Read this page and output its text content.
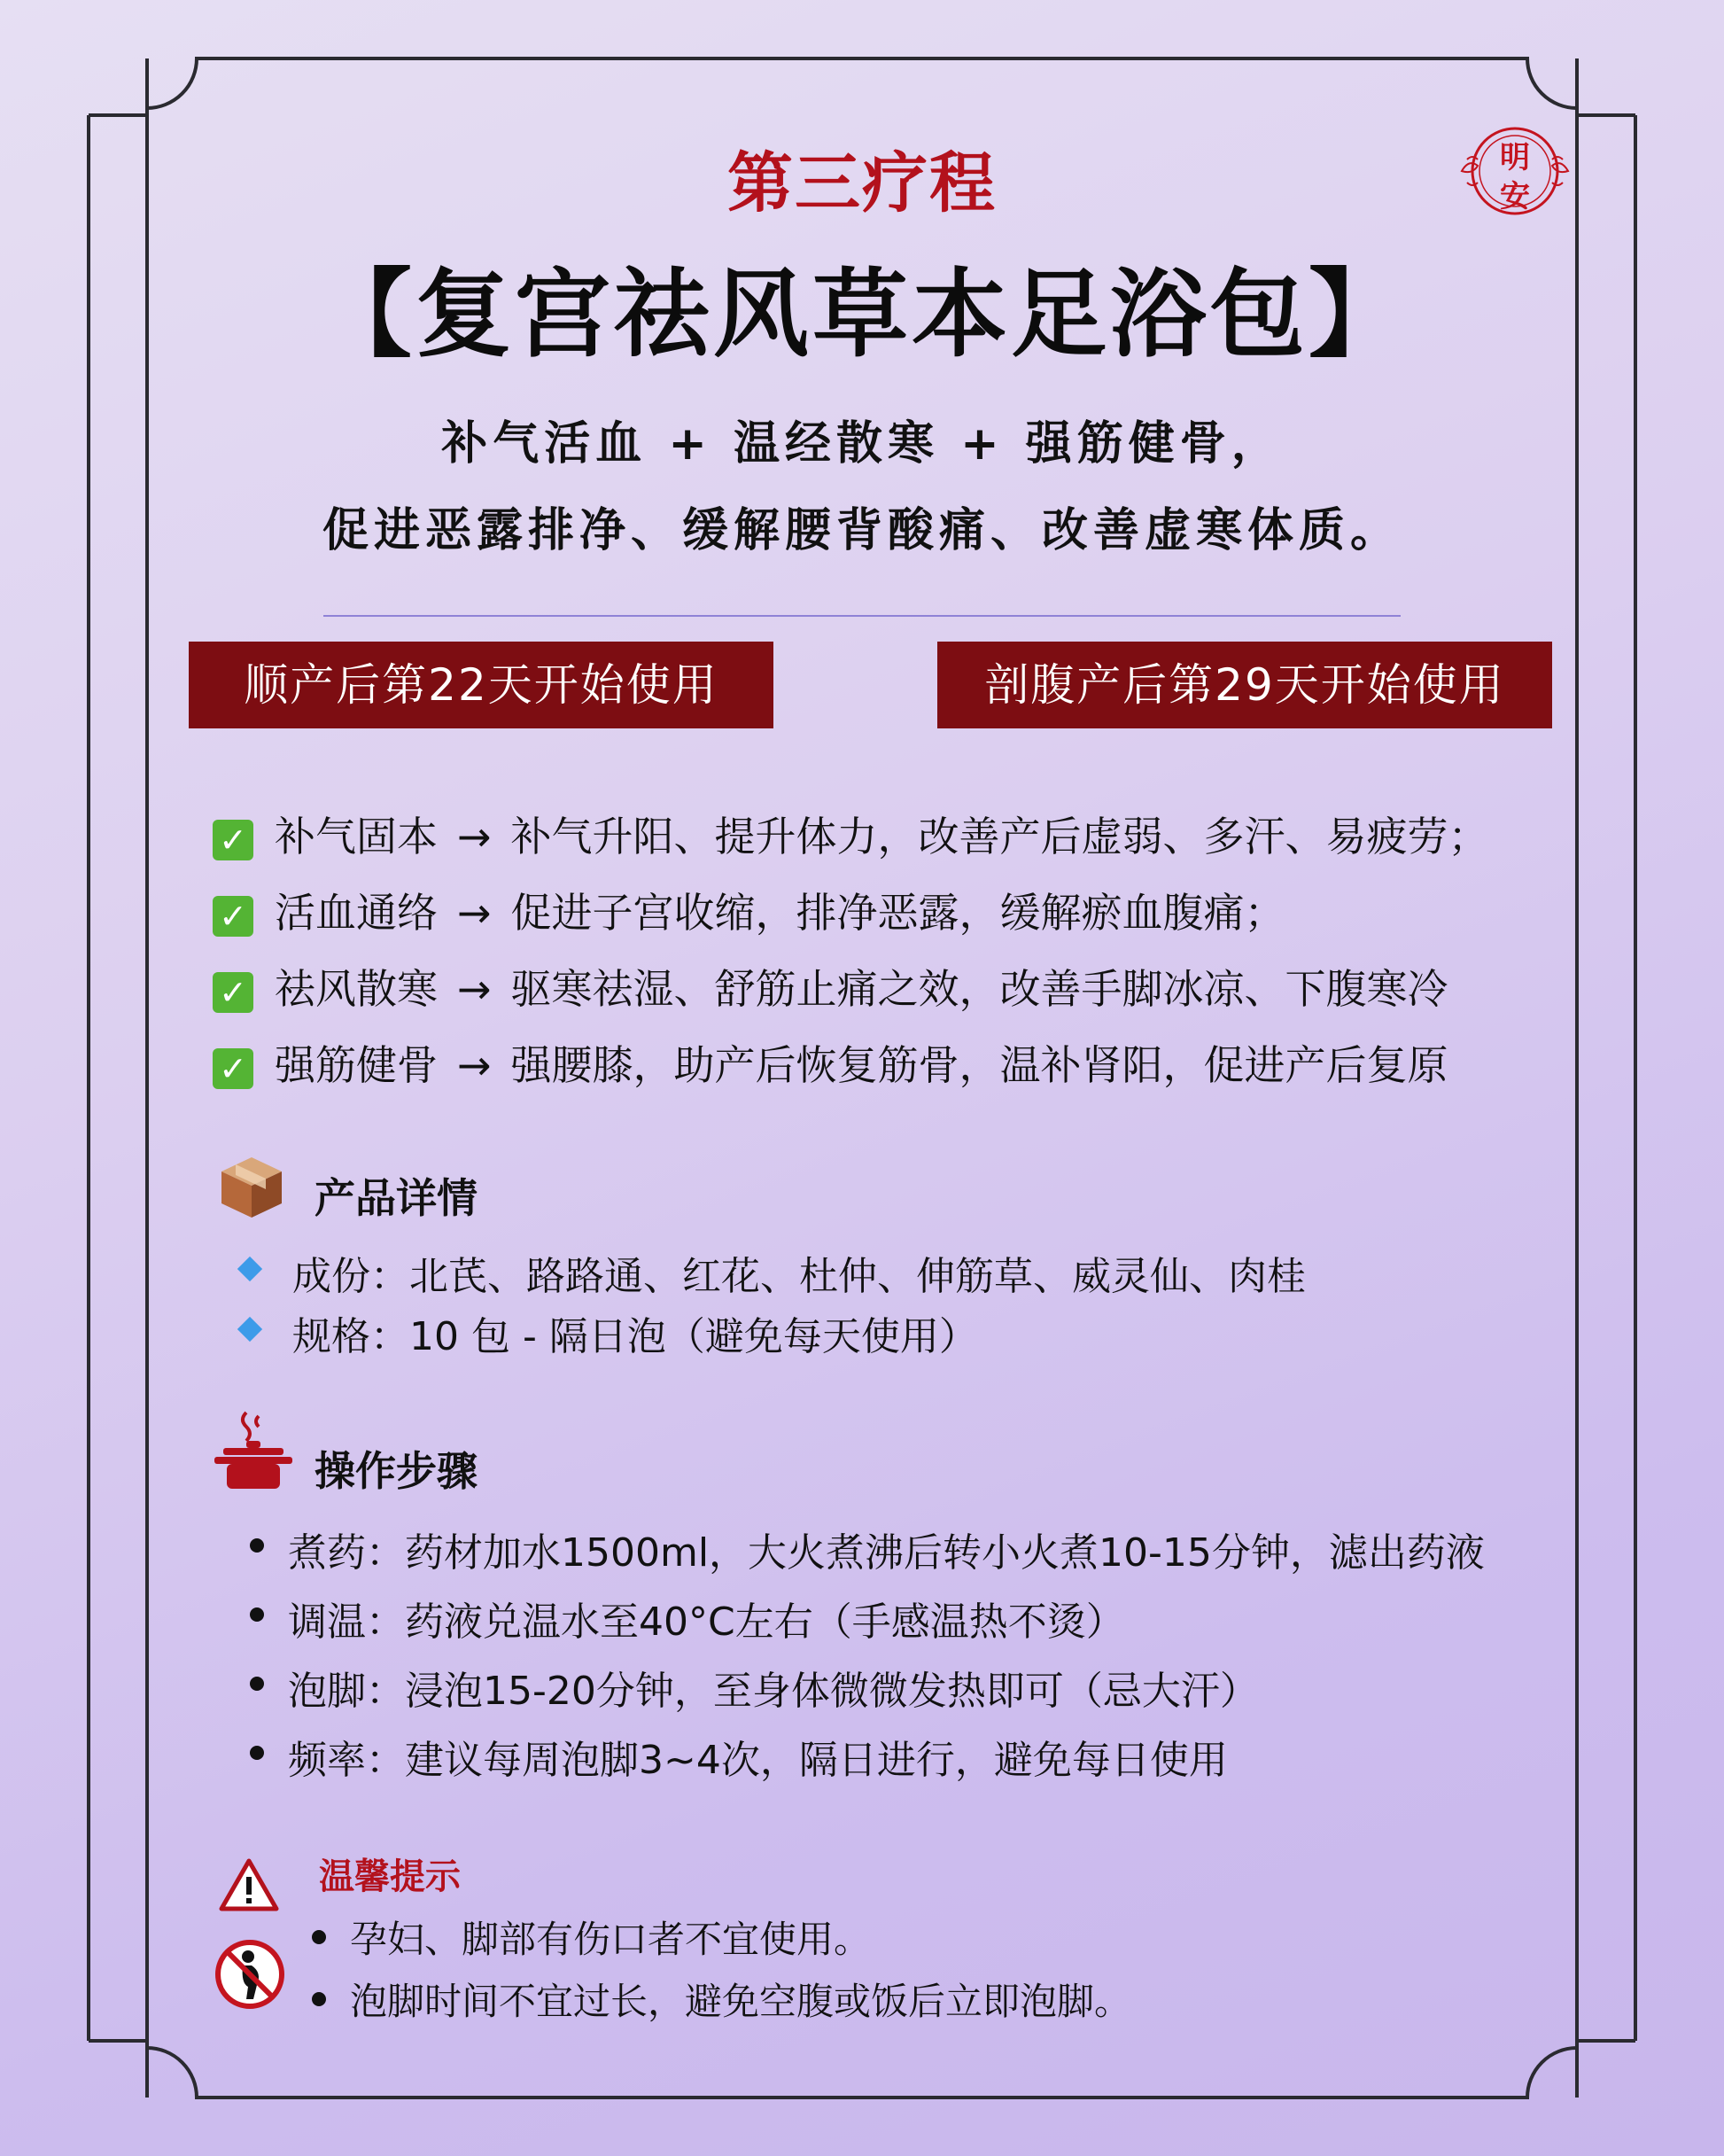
明
安
第三疗程
【复宫祛风草本足浴包】
补气活血 + 温经散寒 + 强筋健骨，
促进恶露排净、缓解腰背酸痛、改善虚寒体质。
顺产后第22天开始使用	剖腹产后第29天开始使用
✓ 补气固本 → 补气升阳、提升体力，改善产后虚弱、多汗、易疲劳；
✓ 活血通络 → 促进子宫收缩，排净恶露，缓解瘀血腹痛；
✓ 祛风散寒 → 驱寒祛湿、舒筋止痛之效，改善手脚冰凉、下腹寒冷
✓ 强筋健骨 → 强腰膝，助产后恢复筋骨，温补肾阳，促进产后复原
产品详情
成份：北芪、路路通、红花、杜仲、伸筋草、威灵仙、肉桂
规格：10 包 - 隔日泡（避免每天使用）
操作步骤
煮药：药材加水1500ml，大火煮沸后转小火煮10-15分钟，滤出药液
调温：药液兑温水至40°C左右（手感温热不烫）
泡脚：浸泡15-20分钟，至身体微微发热即可（忌大汗）
频率：建议每周泡脚3~4次，隔日进行，避免每日使用
温馨提示
孕妇、脚部有伤口者不宜使用。
泡脚时间不宜过长，避免空腹或饭后立即泡脚。
